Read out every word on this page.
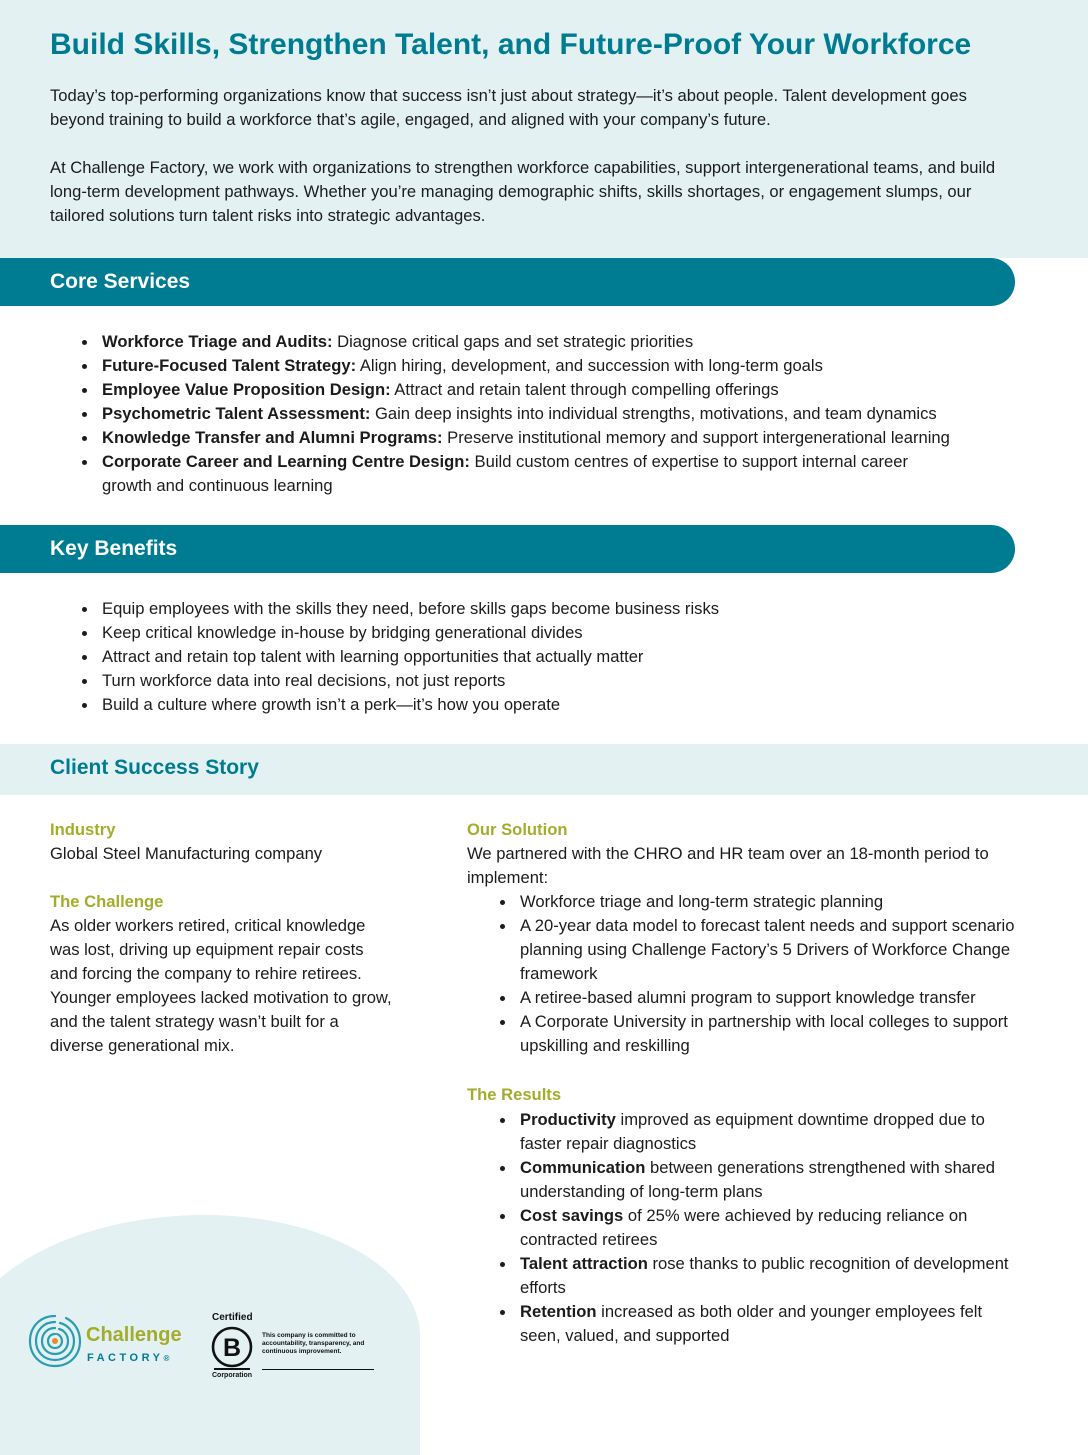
Build Skills, Strengthen Talent, and Future-Proof Your Workforce

Today’s top-performing organizations know that success isn’t just about strategy—it’s about people. Talent development goes beyond training to build a workforce that’s agile, engaged, and aligned with your company’s future.

At Challenge Factory, we work with organizations to strengthen workforce capabilities, support intergenerational teams, and build long-term development pathways. Whether you’re managing demographic shifts, skills shortages, or engagement slumps, our tailored solutions turn talent risks into strategic advantages.

Core Services
Workforce Triage and Audits: Diagnose critical gaps and set strategic priorities
Future-Focused Talent Strategy: Align hiring, development, and succession with long-term goals
Employee Value Proposition Design: Attract and retain talent through compelling offerings
Psychometric Talent Assessment: Gain deep insights into individual strengths, motivations, and team dynamics
Knowledge Transfer and Alumni Programs: Preserve institutional memory and support intergenerational learning
Corporate Career and Learning Centre Design: Build custom centres of expertise to support internal career growth and continuous learning
Key Benefits
Equip employees with the skills they need, before skills gaps become business risks
Keep critical knowledge in-house by bridging generational divides
Attract and retain top talent with learning opportunities that actually matter
Turn workforce data into real decisions, not just reports
Build a culture where growth isn’t a perk—it’s how you operate
Client Success Story

Industry

Global Steel Manufacturing company

The Challenge

As older workers retired, critical knowledge was lost, driving up equipment repair costs and forcing the company to rehire retirees. Younger employees lacked motivation to grow, and the talent strategy wasn’t built for a diverse generational mix.

Our Solution

We partnered with the CHRO and HR team over an 18-month period to implement:

Workforce triage and long-term strategic planning
A 20-year data model to forecast talent needs and support scenario planning using Challenge Factory’s 5 Drivers of Workforce Change framework
A retiree-based alumni program to support knowledge transfer
A Corporate University in partnership with local colleges to support upskilling and reskilling

The Results

Productivity improved as equipment downtime dropped due to faster repair diagnostics
Communication between generations strengthened with shared understanding of long-term plans
Cost savings of 25% were achieved by reducing reliance on contracted retirees
Talent attraction rose thanks to public recognition of development efforts
Retention increased as both older and younger employees felt seen, valued, and supported

Challenge

FACTORY®

Certified

B

Corporation

This company is committed to accountability, transparency, and continuous improvement.
